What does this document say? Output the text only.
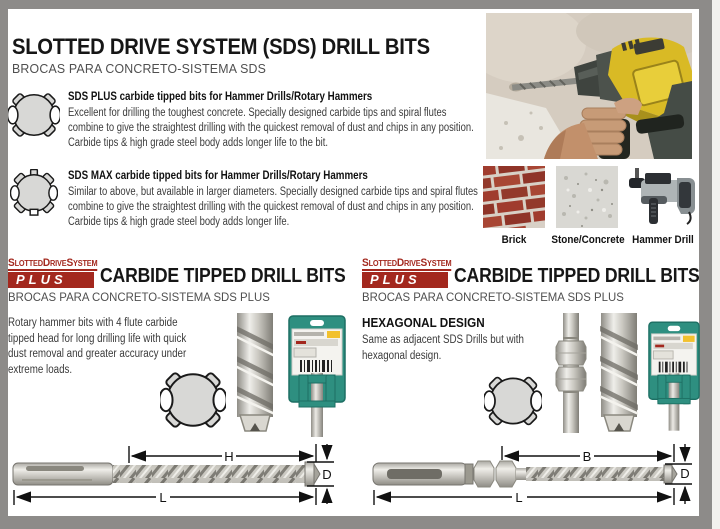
SLOTTED DRIVE SYSTEM (SDS) DRILL BITS
BROCAS PARA CONCRETO-SISTEMA SDS
SDS PLUS carbide tipped bits for Hammer Drills/Rotary Hammers
Excellent for drilling the toughest concrete. Specially designed carbide tips and spiral flutes combine to give the straightest drilling with the quickest removal of dust and chips in any position. Carbide tips & high grade steel body adds longer life to the bit.
SDS MAX carbide tipped bits for Hammer Drills/Rotary Hammers
Similar to above, but available in larger diameters. Specially designed carbide tips and spiral flutes combine to give the straightest drilling with the quickest removal of dust and chips in any position. Carbide tips & high grade steel body adds longer life.
Brick	Stone/Concrete Hammer Drill
SlottedDriveSystem
PLUS	CARBIDE TIPPED DRILL BITS
BROCAS PARA CONCRETO-SISTEMA SDS PLUS
Rotary hammer bits with 4 flute carbide tipped head for long drilling life with quick dust removal and greater accuracy under extreme loads.
H
D
L
SlottedDriveSystem
PLUS	CARBIDE TIPPED DRILL BITS
BROCAS PARA CONCRETO-SISTEMA SDS PLUS
HEXAGONAL DESIGN
Same as adjacent SDS Drills but with hexagonal design.
B
D
L
